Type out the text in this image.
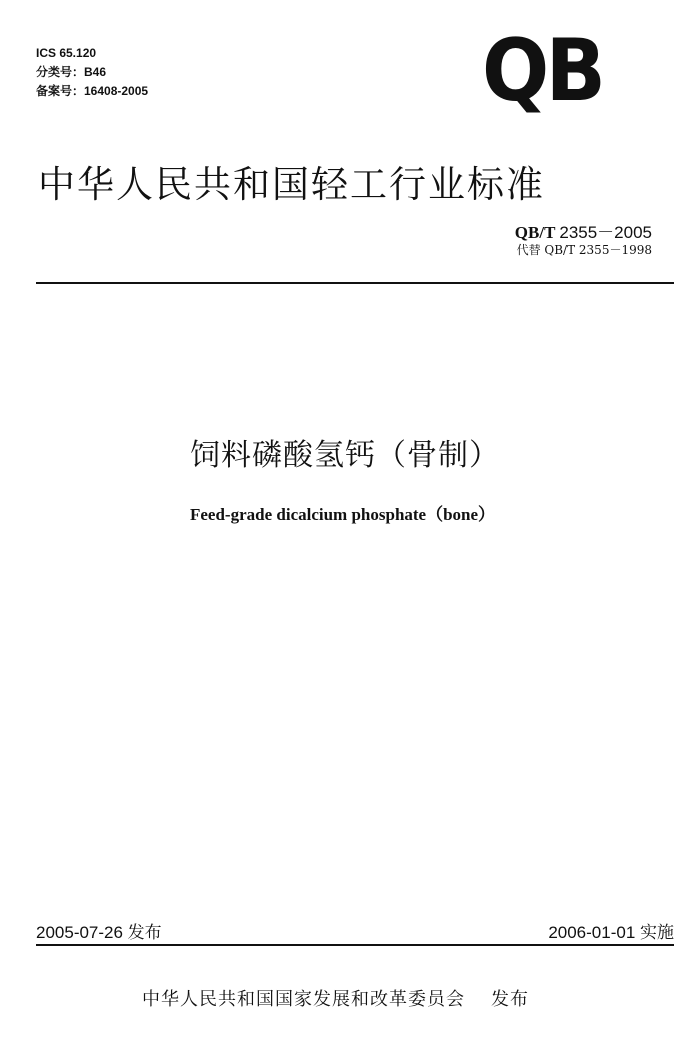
ICS 65.120
分类号：B46
备案号：16408-2005	QB
中华人民共和国轻工行业标准
QB/T 2355－2005
代替 QB/T 2355－1998
饲料磷酸氢钙（骨制）
Feed-grade dicalcium phosphate（bone）
2005-07-26 发布	2006-01-01 实施
中华人民共和国国家发展和改革委员会 发布
